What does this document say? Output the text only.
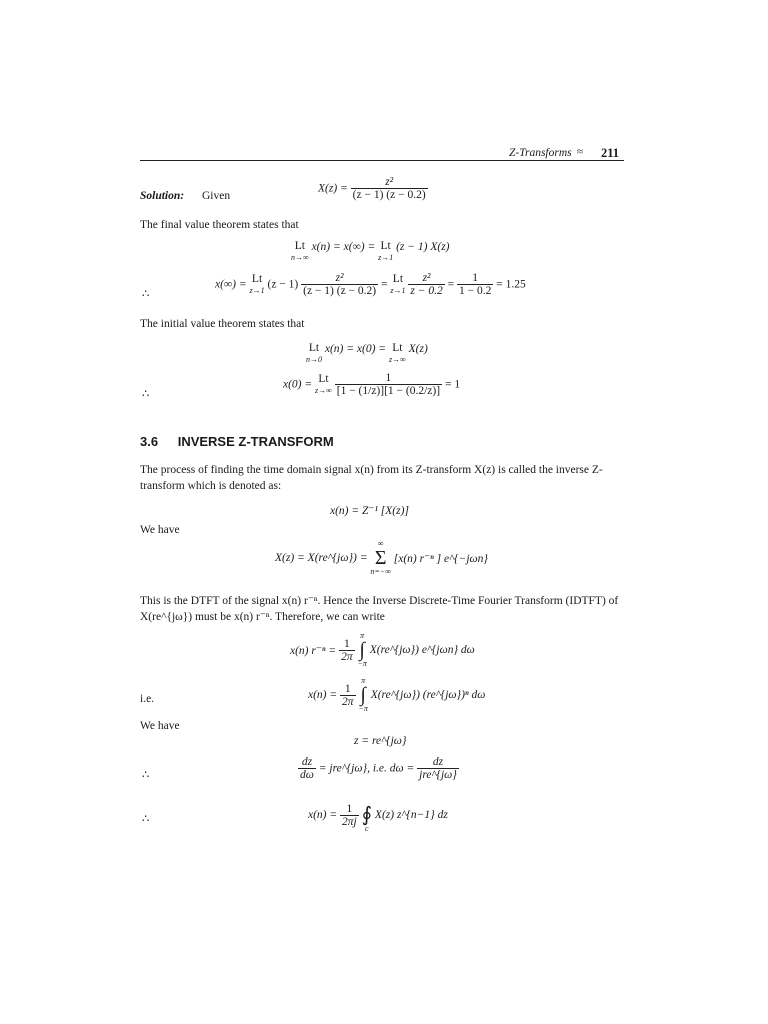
Z-Transforms ≈ 211
Solution: Given
$X(z) = \frac{\text{z²}}{(z - 1) (z - 0.2)}$
The final value theorem states that
Lt
n→∞
x(n) = x(∞) = Lt
z→1
(z − 1) X(z)
∴
x(∞) = Lt
z→1 $(z - 1) \frac{\text{z²}}{(z - 1) (z - 0.2)} = Lt$
z→1
$\frac{\text{z²}}{z - 0.2} = \frac{1}{1 - 0.2} = 1.25$
The initial value theorem states that
Lt
n→0
x(n) = x(0) = Lt
z→∞
X(z)
∴
x(0) = Lt
z→∞
$\frac{1}{[1 - (1/z)][1 - (0.2/z)]} = 1$
3.6 INVERSE Z-TRANSFORM
The process of finding the time domain signal x(n) from its Z-transform X(z) is called the inverse Z-transform which is denoted as:
x(n) = Z⁻¹ [X(z)]
We have
X(z) = X(re^{jω}) =
∞
Σ
n=−∞
[x(n) r⁻ⁿ ] e^{−jωn}
This is the DTFT of the signal x(n) r⁻ⁿ. Hence the Inverse Discrete-Time Fourier Transform (IDTFT) of X(re^{jω}) must be x(n) r⁻ⁿ. Therefore, we can write
x(n) $r^{-n} = \frac{1}{2\pi}$

π
∫
−π
X(re^{jω}) e^{jωn} dω
i.e.	$x(n) = \frac{1}{2\pi}$

π
∫
−π
X(re^{jω}) (re^{jω})ⁿ dω
We have
z = re^{jω}
∴	$\frac{dz}{d\omega}$ = jre^{jω}, i.e. $d\omega = \frac{dz}{\text{jre\textasciicircum{}\{jω\}}}$
∴	$x(n) = \frac{1}{2\pi j}$

∮
c
X(z) z^{n−1} dz
